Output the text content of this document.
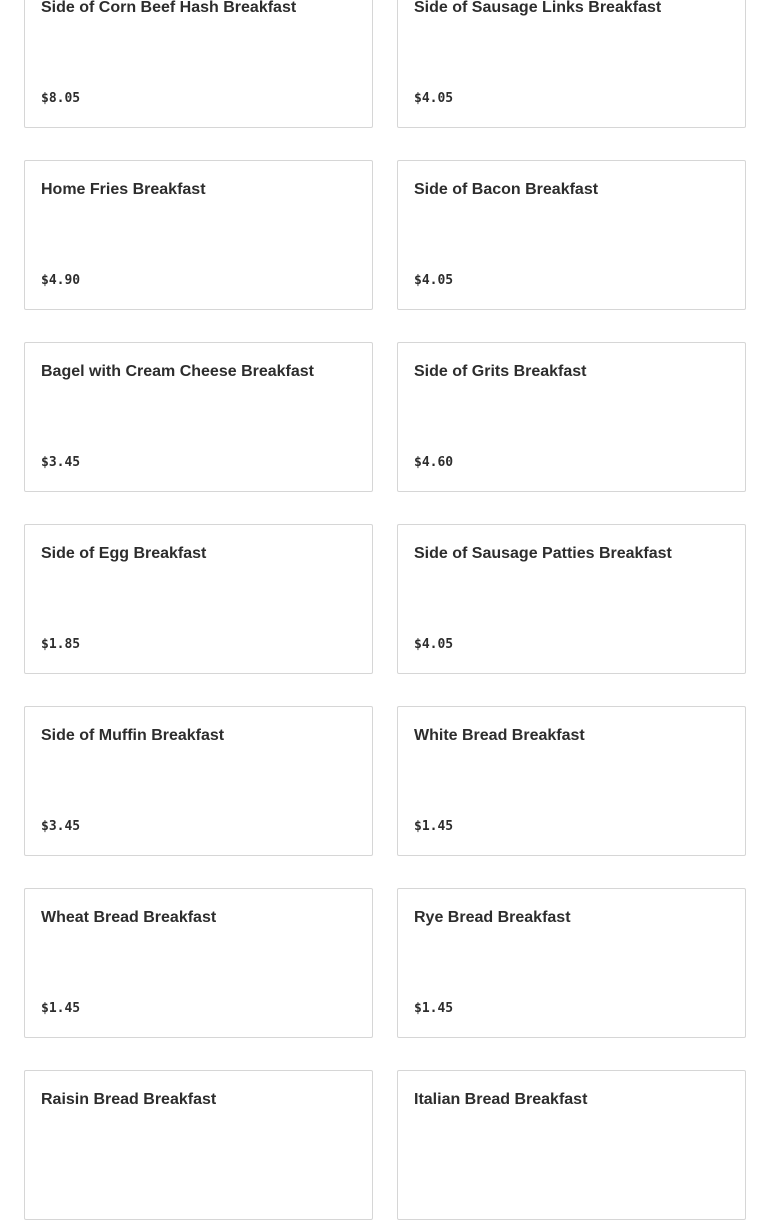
Side of Corn Beef Hash Breakfast
$8.05
Side of Sausage Links Breakfast
$4.05
Home Fries Breakfast
$4.90
Side of Bacon Breakfast
$4.05
Bagel with Cream Cheese Breakfast
$3.45
Side of Grits Breakfast
$4.60
Side of Egg Breakfast
$1.85
Side of Sausage Patties Breakfast
$4.05
Side of Muffin Breakfast
$3.45
White Bread Breakfast
$1.45
Wheat Bread Breakfast
$1.45
Rye Bread Breakfast
$1.45
Raisin Bread Breakfast	Italian Bread Breakfast
